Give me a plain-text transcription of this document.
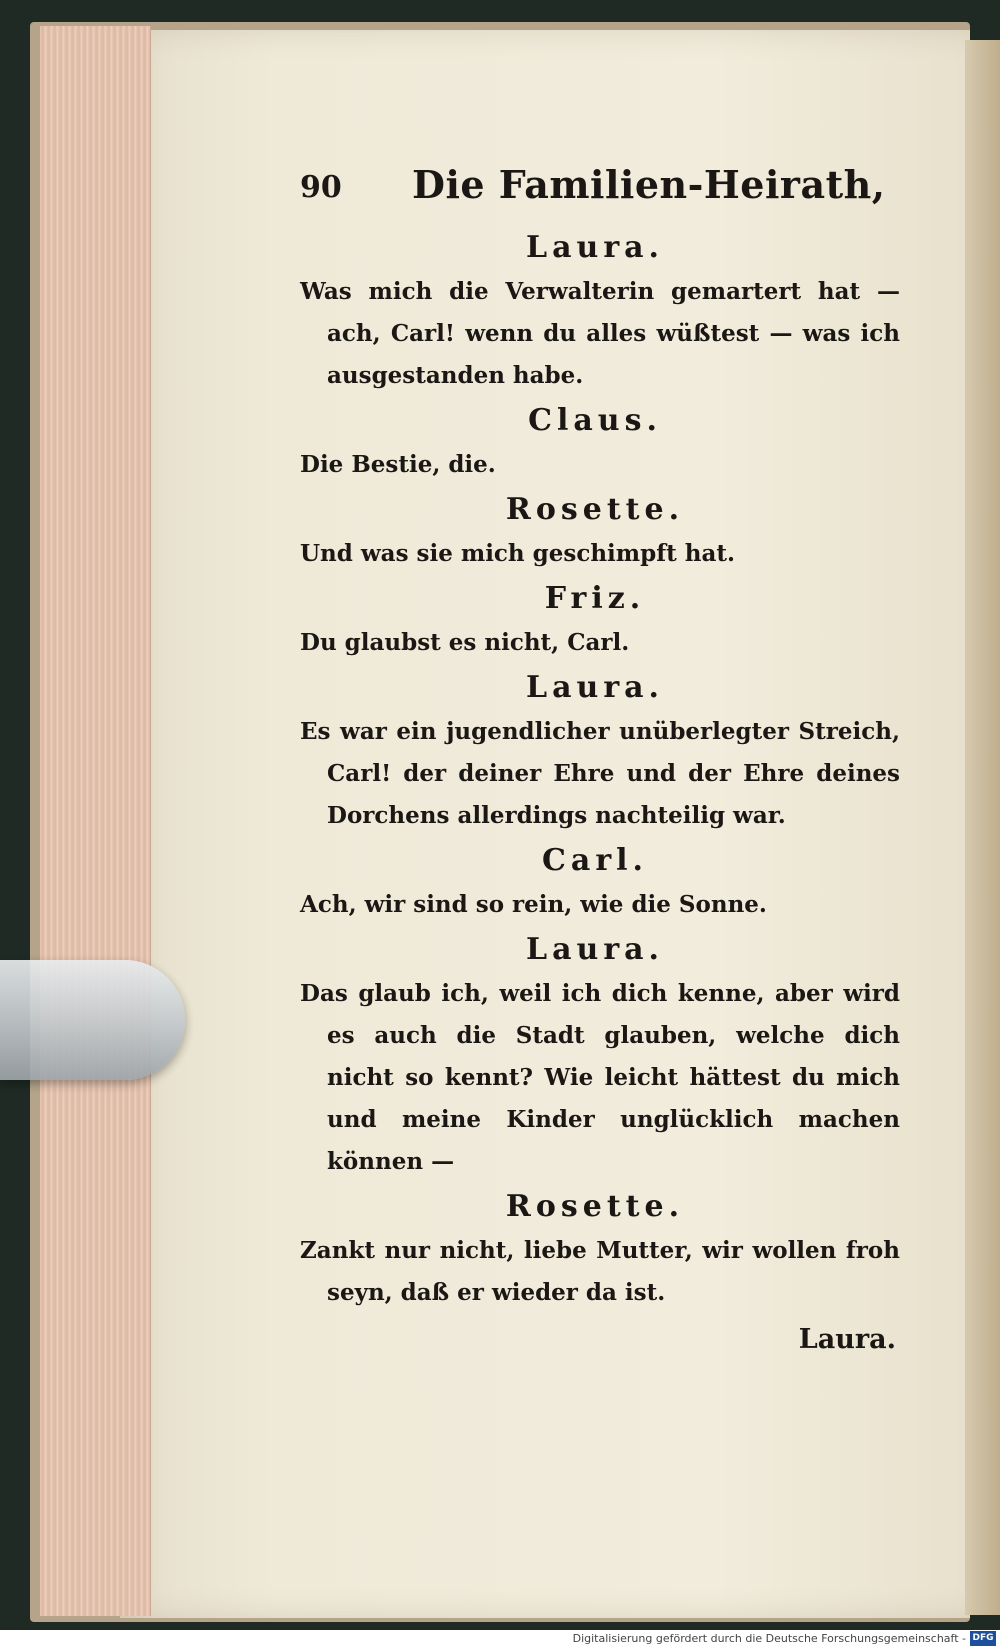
90 Die Familien-Heirath,
Laura.

Was mich die Verwalterin gemartert hat — ach, Carl! wenn du alles wüßtest — was ich ausgestanden habe.

Claus.

Die Bestie, die.

Rosette.

Und was sie mich geschimpft hat.

Friz.

Du glaubst es nicht, Carl.

Laura.

Es war ein jugendlicher unüberlegter Streich, Carl! der deiner Ehre und der Ehre deines Dorchens allerdings nachteilig war.

Carl.

Ach, wir sind so rein, wie die Sonne.

Laura.

Das glaub ich, weil ich dich kenne, aber wird es auch die Stadt glauben, welche dich nicht so kennt? Wie leicht hättest du mich und meine Kinder unglücklich machen können —

Rosette.

Zankt nur nicht, liebe Mutter, wir wollen froh seyn, daß er wieder da ist.

Laura.
Digitalisierung gefördert durch die Deutsche Forschungsgemeinschaft - DFG
